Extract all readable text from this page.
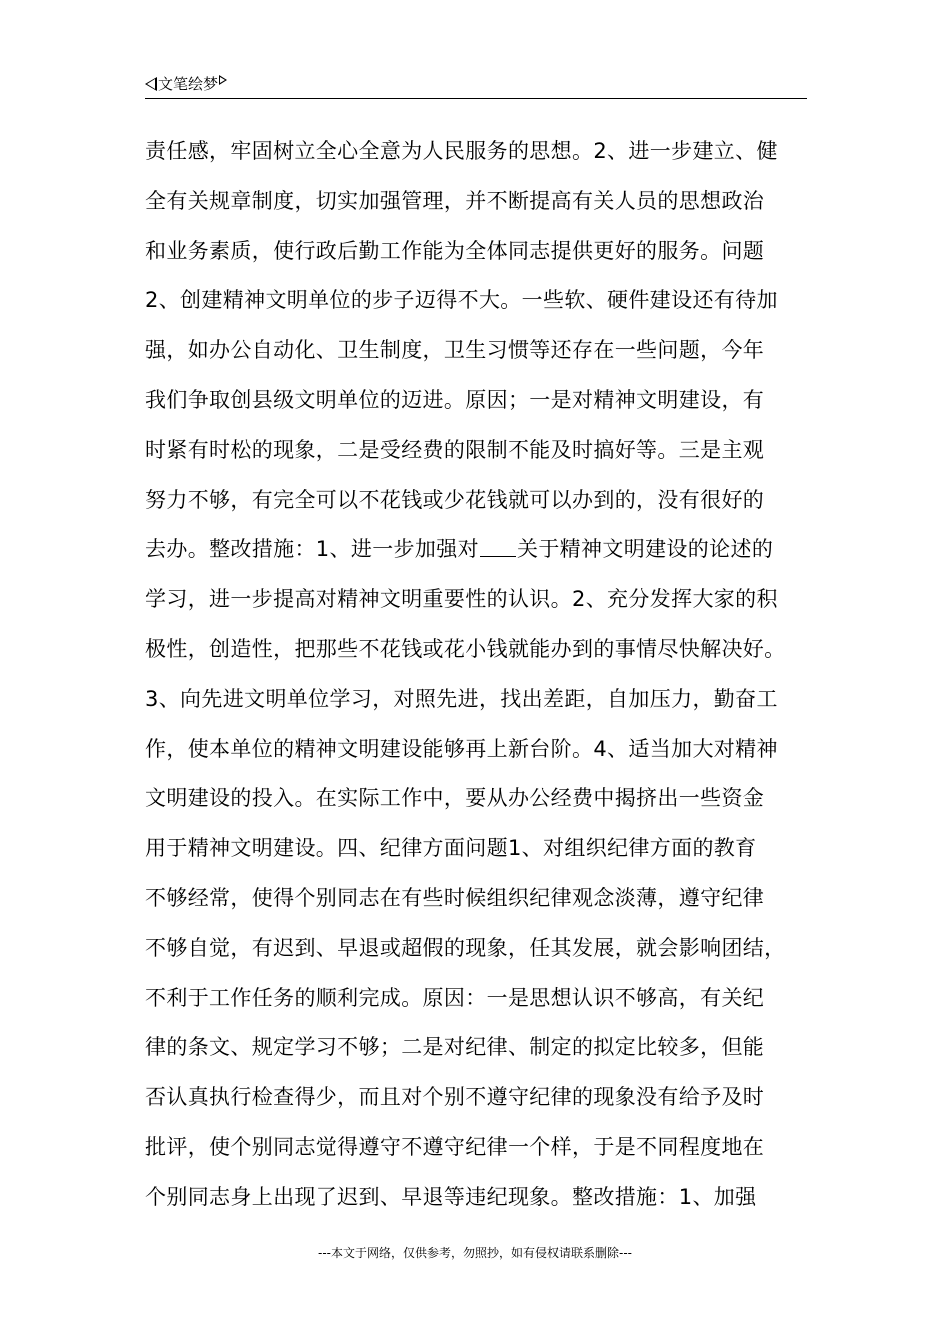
文笔绘梦
责任感，牢固树立全心全意为人民服务的思想。2、进一步建立、健
全有关规章制度，切实加强管理，并不断提高有关人员的思想政治
和业务素质，使行政后勤工作能为全体同志提供更好的服务。问题
2、创建精神文明单位的步子迈得不大。一些软、硬件建设还有待加
强，如办公自动化、卫生制度，卫生习惯等还存在一些问题，今年
我们争取创县级文明单位的迈进。原因；一是对精神文明建设，有
时紧有时松的现象，二是受经费的限制不能及时搞好等。三是主观
努力不够，有完全可以不花钱或少花钱就可以办到的，没有很好的
去办。整改措施：1、进一步加强对 关于精神文明建设的论述的
学习，进一步提高对精神文明重要性的认识。2、充分发挥大家的积
极性，创造性，把那些不花钱或花小钱就能办到的事情尽快解决好。
3、向先进文明单位学习，对照先进，找出差距，自加压力，勤奋工
作，使本单位的精神文明建设能够再上新台阶。4、适当加大对精神
文明建设的投入。在实际工作中，要从办公经费中揭挤出一些资金
用于精神文明建设。四、纪律方面问题1、对组织纪律方面的教育
不够经常，使得个别同志在有些时候组织纪律观念淡薄，遵守纪律
不够自觉，有迟到、早退或超假的现象，任其发展，就会影响团结，
不利于工作任务的顺利完成。原因：一是思想认识不够高，有关纪
律的条文、规定学习不够；二是对纪律、制定的拟定比较多，但能
否认真执行检查得少，而且对个别不遵守纪律的现象没有给予及时
批评，使个别同志觉得遵守不遵守纪律一个样，于是不同程度地在
个别同志身上出现了迟到、早退等违纪现象。整改措施：1、加强
---本文于网络，仅供参考，勿照抄，如有侵权请联系删除---
